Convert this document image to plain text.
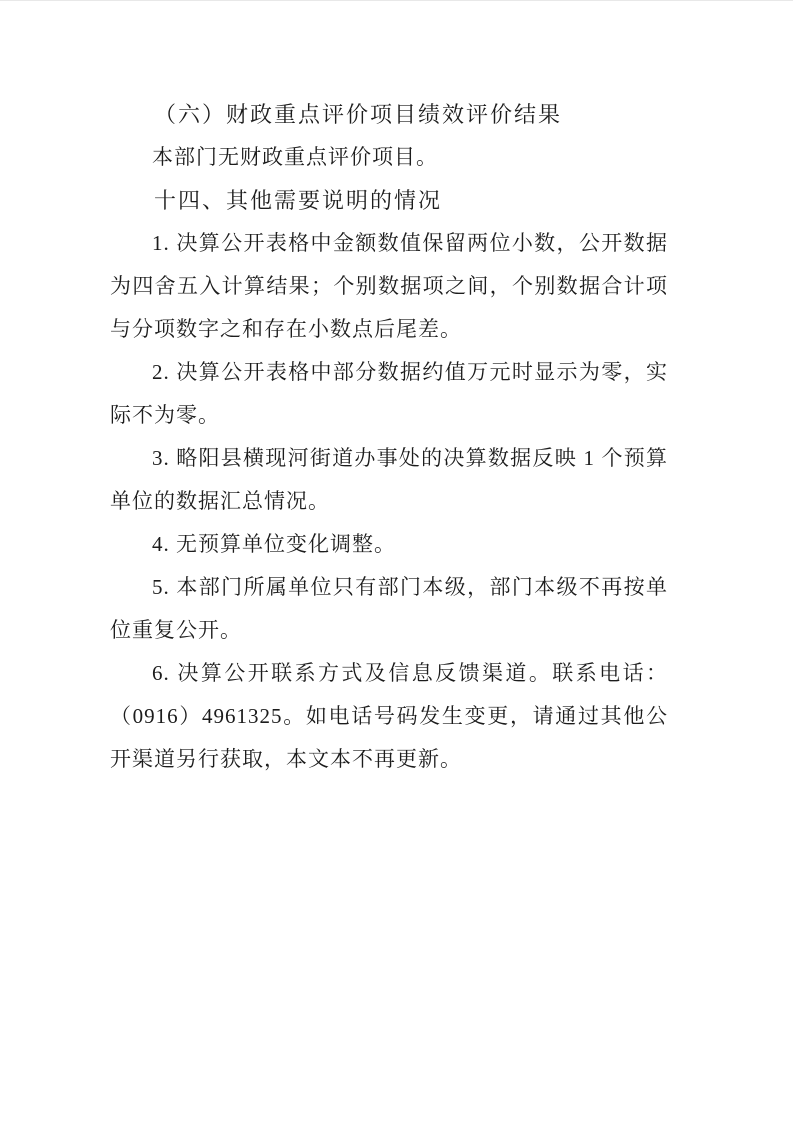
（六）财政重点评价项目绩效评价结果

本部门无财政重点评价项目。

十四、其他需要说明的情况

1. 决算公开表格中金额数值保留两位小数，公开数据为四舍五入计算结果；个别数据项之间，个别数据合计项与分项数字之和存在小数点后尾差。

2. 决算公开表格中部分数据约值万元时显示为零，实际不为零。

3. 略阳县横现河街道办事处的决算数据反映 1 个预算单位的数据汇总情况。

4. 无预算单位变化调整。

5. 本部门所属单位只有部门本级，部门本级不再按单位重复公开。

6. 决算公开联系方式及信息反馈渠道。联系电话：（0916）4961325。如电话号码发生变更，请通过其他公开渠道另行获取，本文本不再更新。
